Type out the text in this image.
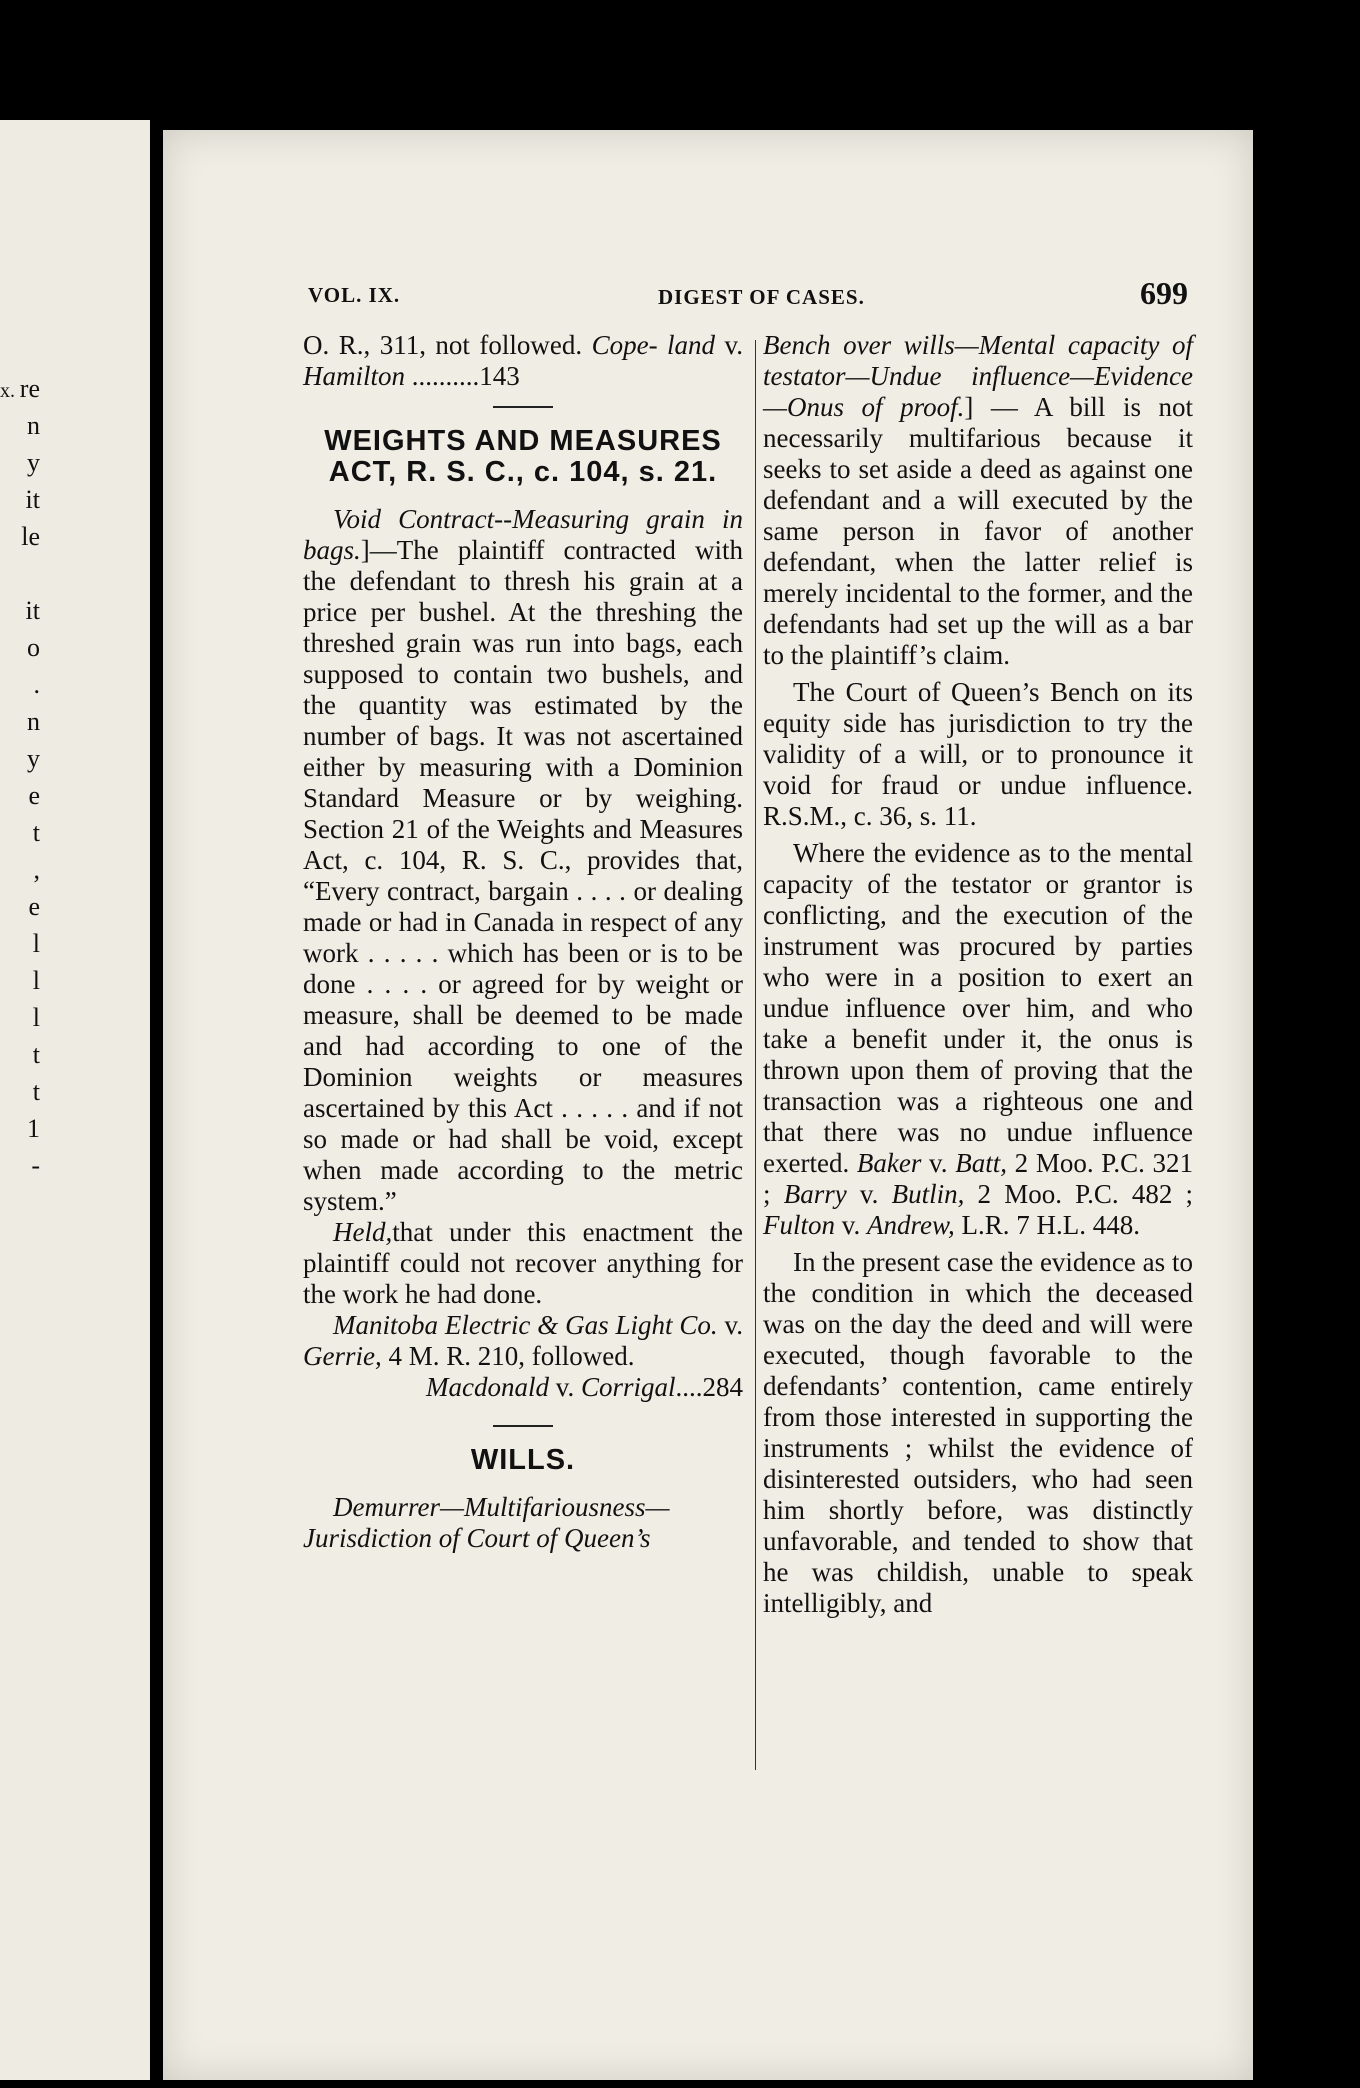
x. re
n
y
it
le
it
o
.
n
y
e
t
,
e
l
l
l
t
t
1
-
VOL. IX.	DIGEST OF CASES.	699

O. R., 311, not followed. Cope- land v. Hamilton ..........143

WEIGHTS AND MEASURES
ACT, R. S. C., c. 104, s. 21.

Void Contract--Measuring grain in bags.]—The plaintiff contracted with the defendant to thresh his grain at a price per bushel. At the threshing the threshed grain was run into bags, each supposed to contain two bushels, and the quantity was estimated by the number of bags. It was not ascertained either by measuring with a Dominion Standard Measure or by weighing. Section 21 of the Weights and Measures Act, c. 104, R. S. C., provides that, “Every contract, bargain . . . . or dealing made or had in Canada in respect of any work . . . . . which has been or is to be done . . . . or agreed for by weight or measure, shall be deemed to be made and had according to one of the Dominion weights or measures ascertained by this Act . . . . . and if not so made or had shall be void, except when made according to the metric system.”

Held,that under this enactment the plaintiff could not recover anything for the work he had done.

Manitoba Electric & Gas Light Co. v. Gerrie, 4 M. R. 210, followed.

Macdonald v. Corrigal....284

WILLS.

Demurrer—Multifariousness—Jurisdiction of Court of Queen’s

Bench over wills—Mental capacity of testator—Undue influence—Evidence—Onus of proof.] — A bill is not necessarily multifarious because it seeks to set aside a deed as against one defendant and a will executed by the same person in favor of another defendant, when the latter relief is merely incidental to the former, and the defendants had set up the will as a bar to the plaintiff’s claim.

The Court of Queen’s Bench on its equity side has jurisdiction to try the validity of a will, or to pronounce it void for fraud or undue influence. R.S.M., c. 36, s. 11.

Where the evidence as to the mental capacity of the testator or grantor is conflicting, and the execution of the instrument was procured by parties who were in a position to exert an undue influence over him, and who take a benefit under it, the onus is thrown upon them of proving that the transaction was a righteous one and that there was no undue influence exerted. Baker v. Batt, 2 Moo. P.C. 321 ; Barry v. Butlin, 2 Moo. P.C. 482 ; Fulton v. Andrew, L.R. 7 H.L. 448.

In the present case the evidence as to the condition in which the deceased was on the day the deed and will were executed, though favorable to the defendants’ contention, came entirely from those interested in supporting the instruments ; whilst the evidence of disinterested outsiders, who had seen him shortly before, was distinctly unfavorable, and tended to show that he was childish, unable to speak intelligibly, and
